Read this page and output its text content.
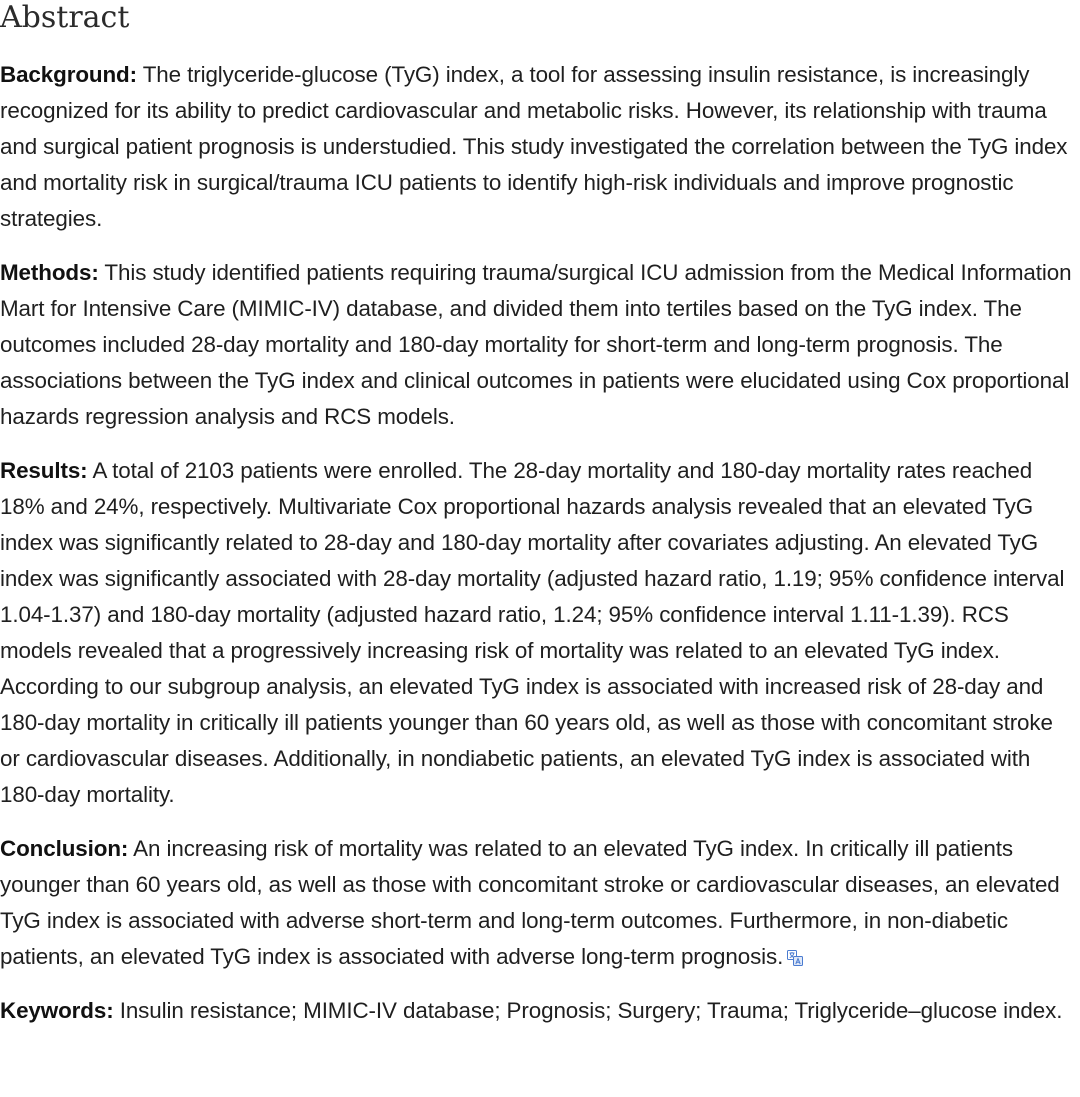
Abstract

Background: The triglyceride-glucose (TyG) index, a tool for assessing insulin resistance, is increasingly recognized for its ability to predict cardiovascular and metabolic risks. However, its relationship with trauma and surgical patient prognosis is understudied. This study investigated the correlation between the TyG index and mortality risk in surgical/trauma ICU patients to identify high-risk individuals and improve prognostic strategies.

Methods: This study identified patients requiring trauma/surgical ICU admission from the Medical Information Mart for Intensive Care (MIMIC-IV) database, and divided them into tertiles based on the TyG index. The outcomes included 28-day mortality and 180-day mortality for short-term and long-term prognosis. The associations between the TyG index and clinical outcomes in patients were elucidated using Cox proportional hazards regression analysis and RCS models.

Results: A total of 2103 patients were enrolled. The 28-day mortality and 180-day mortality rates reached 18% and 24%, respectively. Multivariate Cox proportional hazards analysis revealed that an elevated TyG index was significantly related to 28-day and 180-day mortality after covariates adjusting. An elevated TyG index was significantly associated with 28-day mortality (adjusted hazard ratio, 1.19; 95% confidence interval 1.04-1.37) and 180-day mortality (adjusted hazard ratio, 1.24; 95% confidence interval 1.11-1.39). RCS models revealed that a progressively increasing risk of mortality was related to an elevated TyG index. According to our subgroup analysis, an elevated TyG index is associated with increased risk of 28-day and 180-day mortality in critically ill patients younger than 60 years old, as well as those with concomitant stroke or cardiovascular diseases. Additionally, in nondiabetic patients, an elevated TyG index is associated with 180-day mortality.

Conclusion: An increasing risk of mortality was related to an elevated TyG index. In critically ill patients younger than 60 years old, as well as those with concomitant stroke or cardiovascular diseases, an elevated TyG index is associated with adverse short-term and long-term outcomes. Furthermore, in non-diabetic patients, an elevated TyG index is associated with adverse long-term prognosis.

Keywords: Insulin resistance; MIMIC-IV database; Prognosis; Surgery; Trauma; Triglyceride–glucose index.
